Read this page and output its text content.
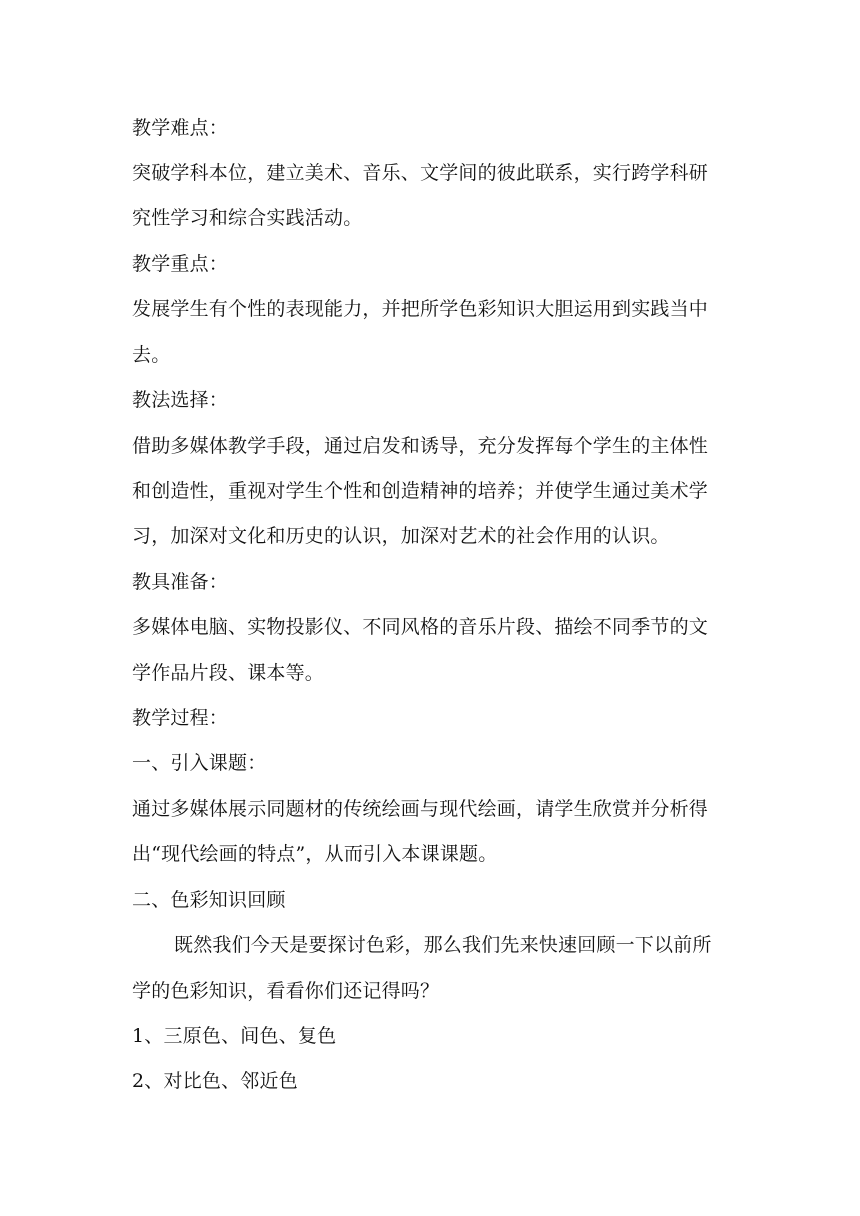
教学难点：
突破学科本位，建立美术、音乐、文学间的彼此联系，实行跨学科研
究性学习和综合实践活动。
教学重点：
发展学生有个性的表现能力，并把所学色彩知识大胆运用到实践当中
去。
教法选择：
借助多媒体教学手段，通过启发和诱导，充分发挥每个学生的主体性
和创造性，重视对学生个性和创造精神的培养；并使学生通过美术学
习，加深对文化和历史的认识，加深对艺术的社会作用的认识。
教具准备：
多媒体电脑、实物投影仪、不同风格的音乐片段、描绘不同季节的文
学作品片段、课本等。
教学过程：
一、引入课题：
通过多媒体展示同题材的传统绘画与现代绘画，请学生欣赏并分析得
出“现代绘画的特点”，从而引入本课课题。
二、色彩知识回顾
既然我们今天是要探讨色彩，那么我们先来快速回顾一下以前所
学的色彩知识，看看你们还记得吗？
1、三原色、间色、复色
2、对比色、邻近色
